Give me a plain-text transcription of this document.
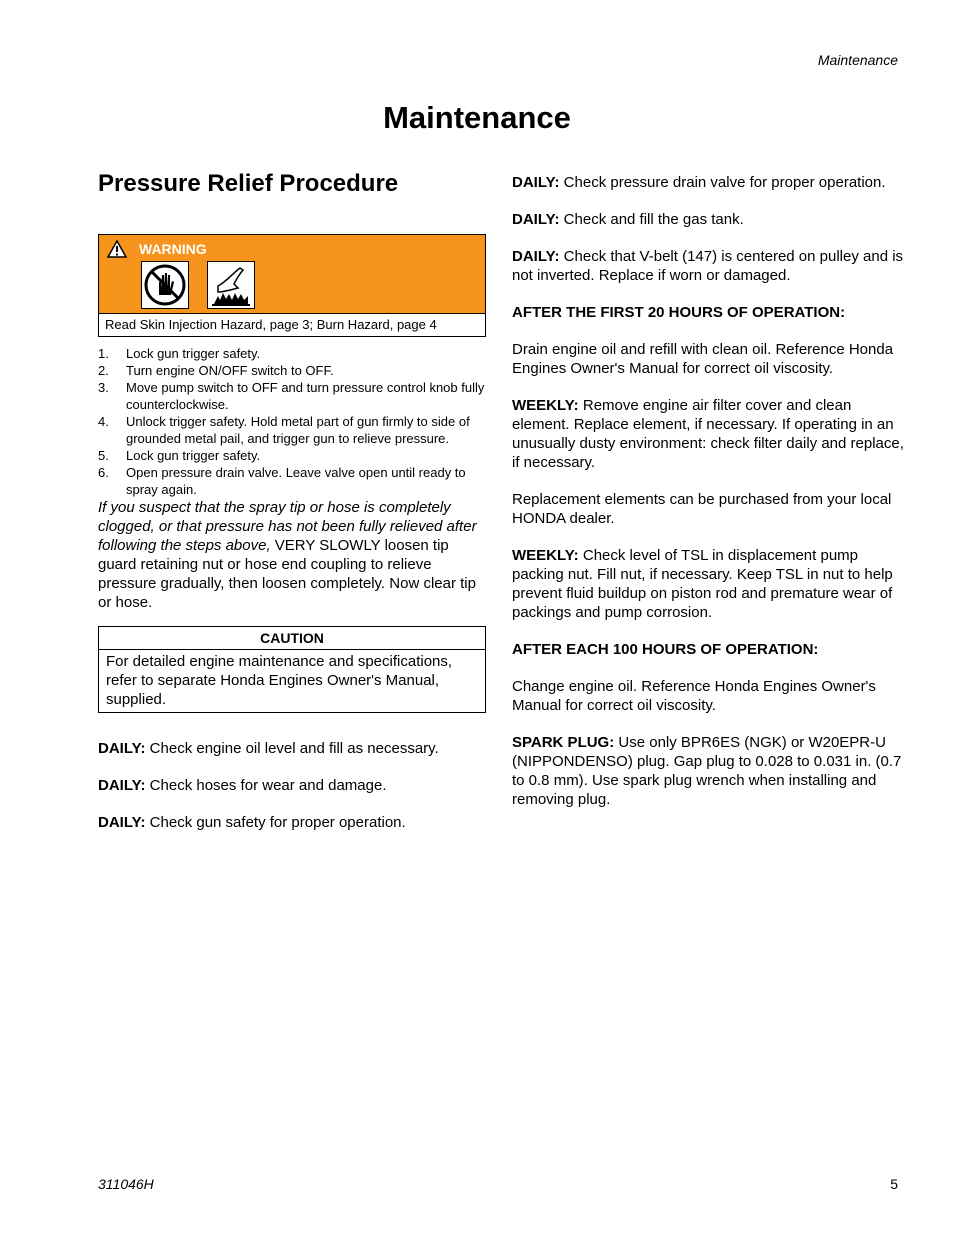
Maintenance
Maintenance
Pressure Relief Procedure
WARNING
Read Skin Injection Hazard, page 3; Burn Hazard, page 4
1. Lock gun trigger safety.
2. Turn engine ON/OFF switch to OFF.
3. Move pump switch to OFF and turn pressure control knob fully counterclockwise.
4. Unlock trigger safety. Hold metal part of gun firmly to side of grounded metal pail, and trigger gun to relieve pressure.
5. Lock gun trigger safety.
6. Open pressure drain valve. Leave valve open until ready to spray again.

If you suspect that the spray tip or hose is completely clogged, or that pressure has not been fully relieved after following the steps above, VERY SLOWLY loosen tip guard retaining nut or hose end coupling to relieve pressure gradually, then loosen completely. Now clear tip or hose.

CAUTION
For detailed engine maintenance and specifications, refer to separate Honda Engines Owner's Manual, supplied.

DAILY: Check engine oil level and fill as necessary.

DAILY: Check hoses for wear and damage.

DAILY: Check gun safety for proper operation.

DAILY: Check pressure drain valve for proper operation.

DAILY: Check and fill the gas tank.

DAILY: Check that V-belt (147) is centered on pulley and is not inverted. Replace if worn or damaged.

AFTER THE FIRST 20 HOURS OF OPERATION:

Drain engine oil and refill with clean oil. Reference Honda Engines Owner's Manual for correct oil viscosity.

WEEKLY: Remove engine air filter cover and clean element. Replace element, if necessary. If operating in an unusually dusty environment: check filter daily and replace, if necessary.

Replacement elements can be purchased from your local HONDA dealer.

WEEKLY: Check level of TSL in displacement pump packing nut. Fill nut, if necessary. Keep TSL in nut to help prevent fluid buildup on piston rod and premature wear of packings and pump corrosion.

AFTER EACH 100 HOURS OF OPERATION:

Change engine oil. Reference Honda Engines Owner's Manual for correct oil viscosity.

SPARK PLUG: Use only BPR6ES (NGK) or W20EPR-U (NIPPONDENSO) plug. Gap plug to 0.028 to 0.031 in. (0.7 to 0.8 mm). Use spark plug wrench when installing and removing plug.

311046H	5
